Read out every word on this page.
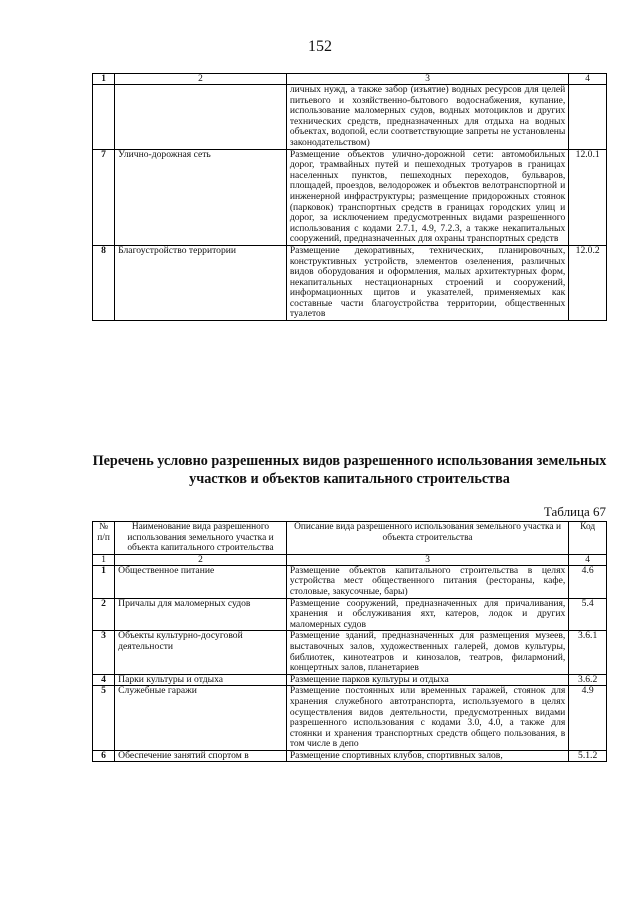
152
1	2	3	4
		личных нужд, а также забор (изъятие) водных ресурсов для целей питьевого и хозяйственно-бытового водоснабжения, купание, использование маломерных судов, водных мотоциклов и других технических средств, предназначенных для отдыха на водных объектах, водопой, если соответствующие запреты не установлены законодательством)	
7	Улично-дорожная сеть	Размещение объектов улично-дорожной сети: автомобильных дорог, трамвайных путей и пешеходных тротуаров в границах населенных пунктов, пешеходных переходов, бульваров, площадей, проездов, велодорожек и объектов велотранспортной и инженерной инфраструктуры; размещение придорожных стоянок (парковок) транспортных средств в границах городских улиц и дорог, за исключением предусмотренных видами разрешенного использования с кодами 2.7.1, 4.9, 7.2.3, а также некапитальных сооружений, предназначенных для охраны транспортных средств	12.0.1
8	Благоустройство территории	Размещение декоративных, технических, планировочных, конструктивных устройств, элементов озеленения, различных видов оборудования и оформления, малых архитектурных форм, некапитальных нестационарных строений и сооружений, информационных щитов и указателей, применяемых как составные части благоустройства территории, общественных туалетов	12.0.2
Перечень условно разрешенных видов разрешенного использования земельных участков и объектов капитального строительства
Таблица 67
№ п/п	Наименование вида разрешенного использования земельного участка и объекта капитального строительства	Описание вида разрешенного использования земельного участка и объекта строительства	Код
1	2	3	4
1	Общественное питание	Размещение объектов капитального строительства в целях устройства мест общественного питания (рестораны, кафе, столовые, закусочные, бары)	4.6
2	Причалы для маломерных судов	Размещение сооружений, предназначенных для причаливания, хранения и обслуживания яхт, катеров, лодок и других маломерных судов	5.4
3	Объекты культурно-досуговой деятельности	Размещение зданий, предназначенных для размещения музеев, выставочных залов, художественных галерей, домов культуры, библиотек, кинотеатров и кинозалов, театров, филармоний, концертных залов, планетариев	3.6.1
4	Парки культуры и отдыха	Размещение парков культуры и отдыха	3.6.2
5	Служебные гаражи	Размещение постоянных или временных гаражей, стоянок для хранения служебного автотранспорта, используемого в целях осуществления видов деятельности, предусмотренных видами разрешенного использования с кодами 3.0, 4.0, а также для стоянки и хранения транспортных средств общего пользования, в том числе в депо	4.9
6	Обеспечение занятий спортом в	Размещение спортивных клубов, спортивных залов,	5.1.2
